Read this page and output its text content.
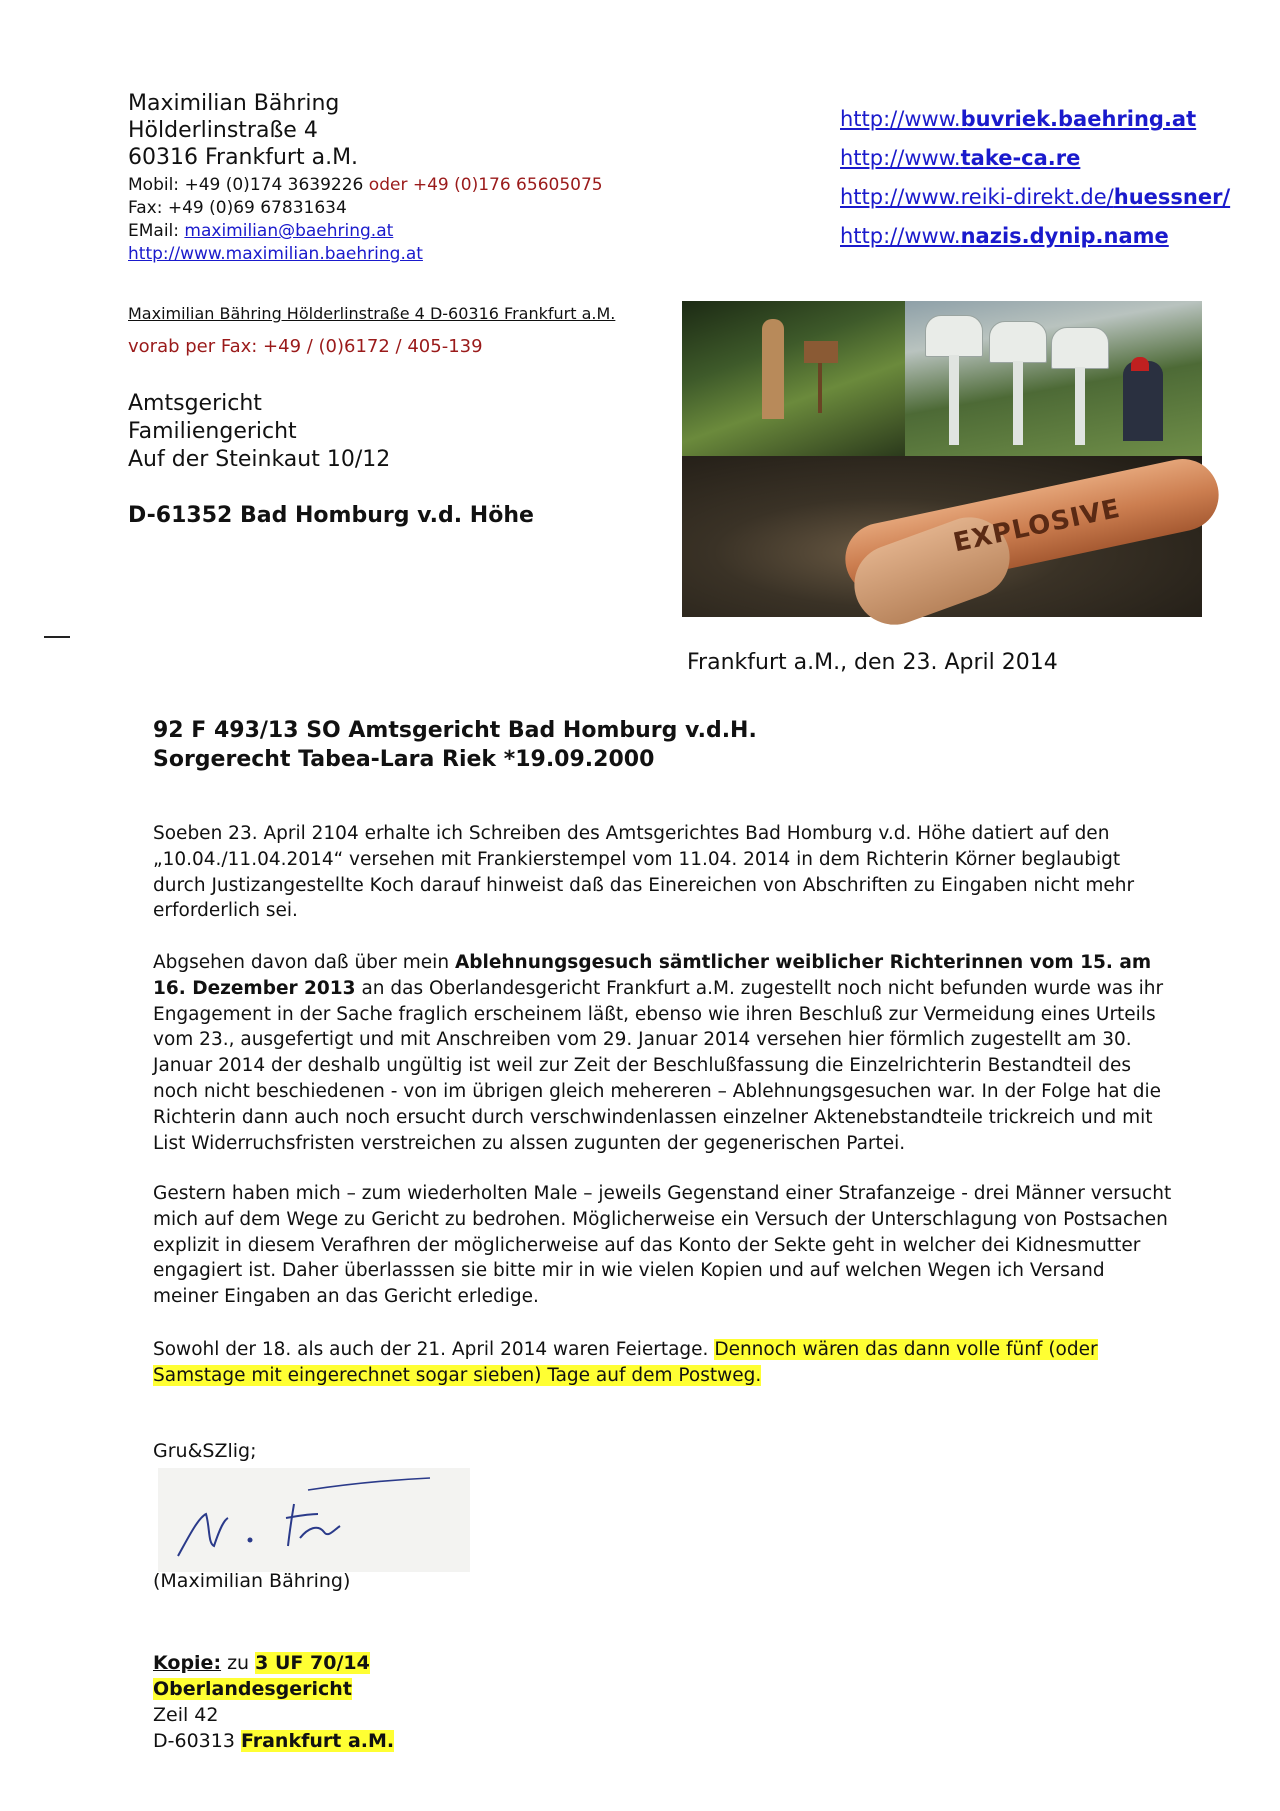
Maximilian Bähring
Hölderlinstraße 4
60316 Frankfurt a.M.
Mobil: +49 (0)174 3639226 oder +49 (0)176 65605075
Fax: +49 (0)69 67831634
EMail: maximilian@baehring.at
http://www.maximilian.baehring.at
http://www.buvriek.baehring.at
http://www.take-ca.re
http://www.reiki-direkt.de/huessner/
http://www.nazis.dynip.name
Maximilian Bähring Hölderlinstraße 4 D-60316 Frankfurt a.M.
vorab per Fax: +49 / (0)6172 / 405-139
Amtsgericht
Familiengericht
Auf der Steinkaut 10/12
D-61352 Bad Homburg v.d. Höhe	EXPLOSIVE
Frankfurt a.M., den 23. April 2014
92 F 493/13 SO Amtsgericht Bad Homburg v.d.H.
Sorgerecht Tabea-Lara Riek *19.09.2000
Soeben 23. April 2104 erhalte ich Schreiben des Amtsgerichtes Bad Homburg v.d. Höhe datiert auf den „10.04./11.04.2014“ versehen mit Frankierstempel vom 11.04. 2014 in dem Richterin Körner beglaubigt durch Justizangestellte Koch darauf hinweist daß das Einereichen von Abschriften zu Eingaben nicht mehr erforderlich sei.
Abgsehen davon daß über mein Ablehnungsgesuch sämtlicher weiblicher Richterinnen vom 15. am 16. Dezember 2013 an das Oberlandesgericht Frankfurt a.M. zugestellt noch nicht befunden wurde was ihr Engagement in der Sache fraglich erscheinem läßt, ebenso wie ihren Beschluß zur Vermeidung eines Urteils vom 23., ausgefertigt und mit Anschreiben vom 29. Januar 2014 versehen hier förmlich zugestellt am 30. Januar 2014 der deshalb ungültig ist weil zur Zeit der Beschlußfassung die Einzelrichterin Bestandteil des noch nicht beschiedenen - von im übrigen gleich mehereren – Ablehnungsgesuchen war. In der Folge hat die Richterin dann auch noch ersucht durch verschwindenlassen einzelner Aktenebstandteile trickreich und mit List Widerruchsfristen verstreichen zu alssen zugunten der gegenerischen Partei.
Gestern haben mich – zum wiederholten Male – jeweils Gegenstand einer Strafanzeige - drei Männer versucht mich auf dem Wege zu Gericht zu bedrohen. Möglicherweise ein Versuch der Unterschlagung von Postsachen explizit in diesem Verafhren der möglicherweise auf das Konto der Sekte geht in welcher dei Kidnesmutter engagiert ist. Daher überlasssen sie bitte mir in wie vielen Kopien und auf welchen Wegen ich Versand meiner Eingaben an das Gericht erledige.
Sowohl der 18. als auch der 21. April 2014 waren Feiertage. Dennoch wären das dann volle fünf (oder Samstage mit eingerechnet sogar sieben) Tage auf dem Postweg.
Gru&SZlig;
(Maximilian Bähring)
Kopie: zu 3 UF 70/14
Oberlandesgericht
Zeil 42
D-60313 Frankfurt a.M.
